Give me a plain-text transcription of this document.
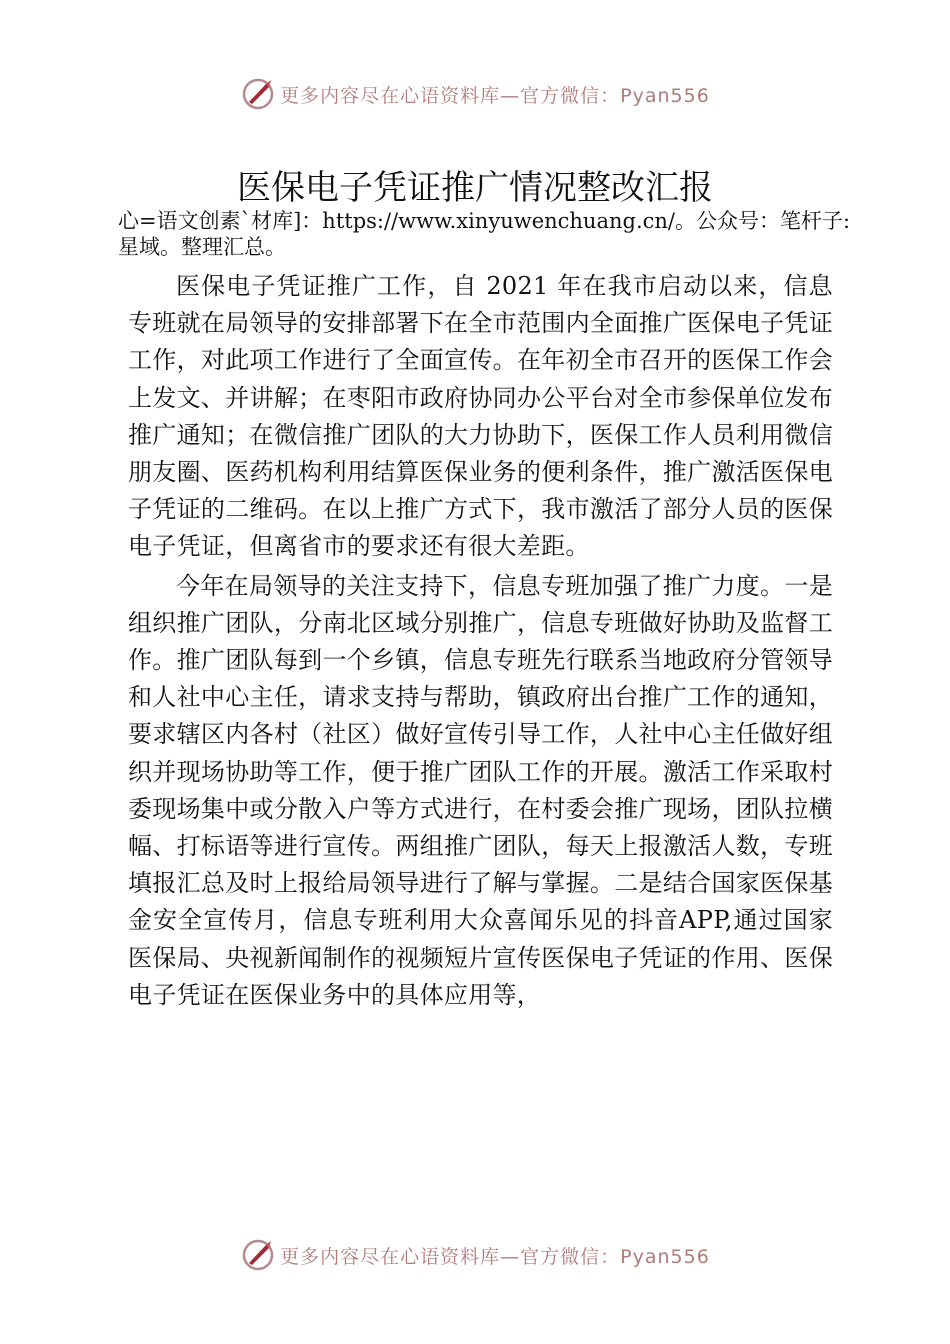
更多内容尽在心语资料库—官方微信：Pyan556
医保电子凭证推广情况整改汇报
心=语文创素`材库]：https://www.xinyuwenchuang.cn/。公众号：笔杆子:星域。整理汇总。

医保电子凭证推广工作，自 2021 年在我市启动以来，信息专班就在局领导的安排部署下在全市范围内全面推广医保电子凭证工作，对此项工作进行了全面宣传。在年初全市召开的医保工作会上发文、并讲解；在枣阳市政府协同办公平台对全市参保单位发布推广通知；在微信推广团队的大力协助下，医保工作人员利用微信朋友圈、医药机构利用结算医保业务的便利条件，推广激活医保电子凭证的二维码。在以上推广方式下，我市激活了部分人员的医保电子凭证，但离省市的要求还有很大差距。

今年在局领导的关注支持下，信息专班加强了推广力度。一是组织推广团队，分南北区域分别推广，信息专班做好协助及监督工作。推广团队每到一个乡镇，信息专班先行联系当地政府分管领导和人社中心主任，请求支持与帮助，镇政府出台推广工作的通知，要求辖区内各村（社区）做好宣传引导工作，人社中心主任做好组织并现场协助等工作，便于推广团队工作的开展。激活工作采取村委现场集中或分散入户等方式进行，在村委会推广现场，团队拉横幅、打标语等进行宣传。两组推广团队，每天上报激活人数，专班填报汇总及时上报给局领导进行了解与掌握。二是结合国家医保基金安全宣传月，信息专班利用大众喜闻乐见的抖音APP,通过国家医保局、央视新闻制作的视频短片宣传医保电子凭证的作用、医保电子凭证在医保业务中的具体应用等，

更多内容尽在心语资料库—官方微信：Pyan556
